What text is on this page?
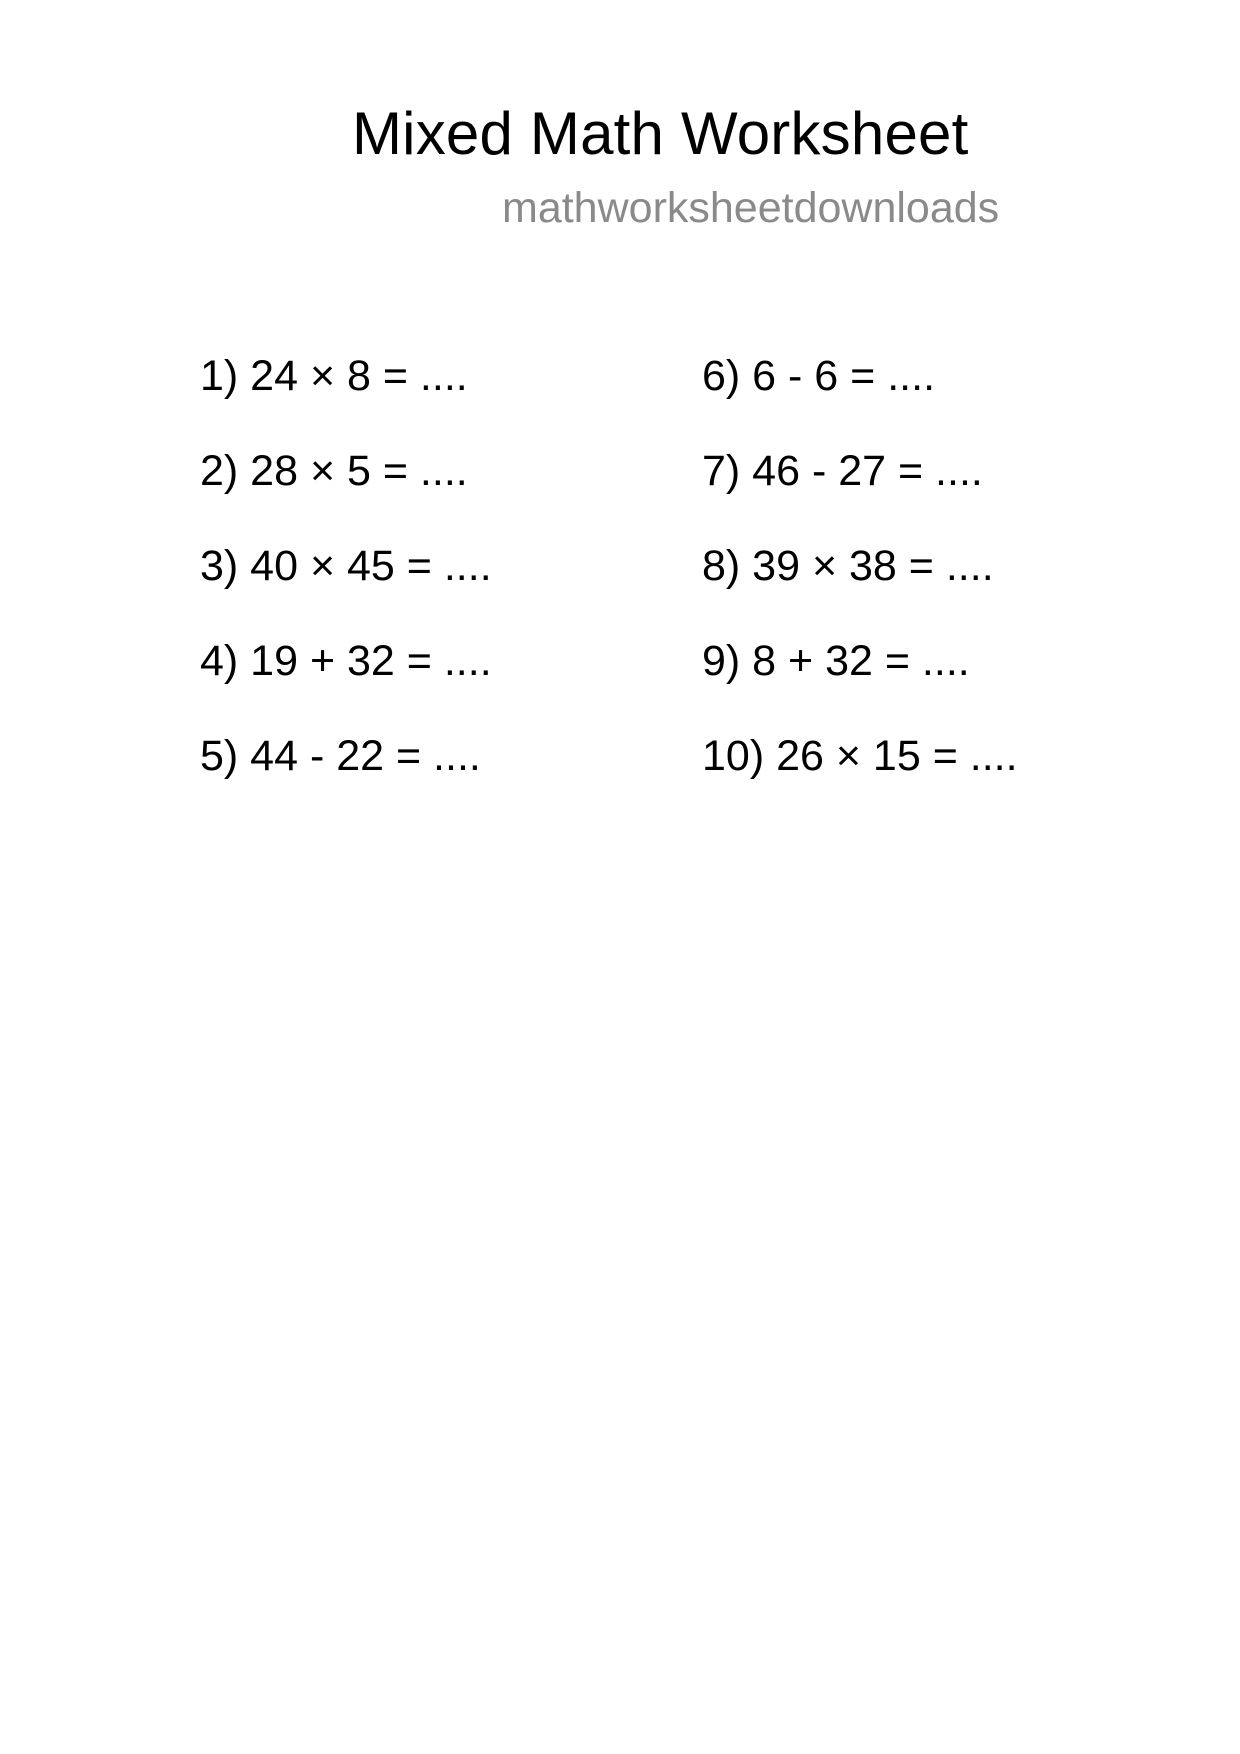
Mixed Math Worksheet
mathworksheetdownloads
1) 24 × 8 = ....
2) 28 × 5 = ....
3) 40 × 45 = ....
4) 19 + 32 = ....
5) 44 - 22 = ....
6) 6 - 6 = ....
7) 46 - 27 = ....
8) 39 × 38 = ....
9) 8 + 32 = ....
10) 26 × 15 = ....
